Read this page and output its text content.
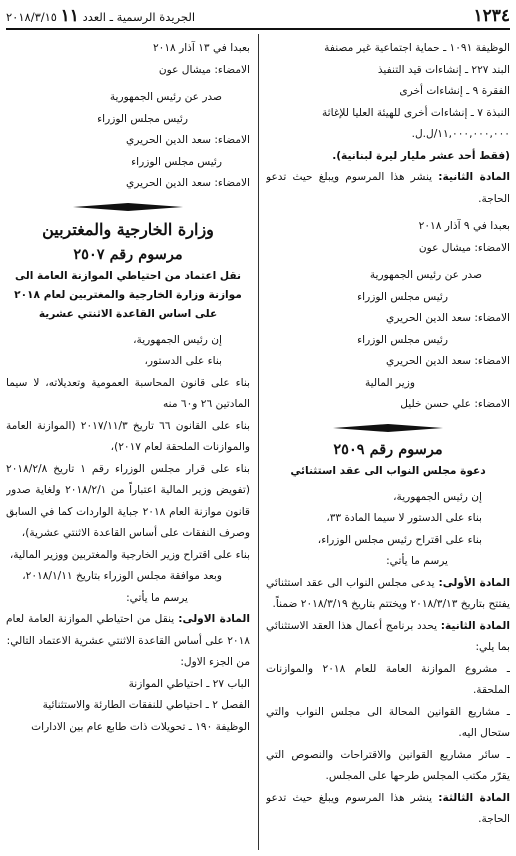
١٢٣٤
الجريدة الرسمية ـ العدد ١١ ٢٠١٨/٣/١٥

الوظيفة ١٠٩١ ـ حماية اجتماعية غير مصنفة

البند ٢٢٧ ـ إنشاءات قيد التنفيذ

الفقرة ٩ ـ إنشاءات أخرى

النبذة ٧ ـ إنشاءات أخرى للهيئة العليا للإغاثة

١١,٠٠٠,٠٠٠,٠٠٠/ل.ل.

(فقط أحد عشر مليار ليرة لبنانية).

المادة الثانية: ينشر هذا المرسوم ويبلغ حيث تدعو الحاجة.

بعبدا في ٩ آذار ٢٠١٨

الامضاء: ميشال عون

صدر عن رئيس الجمهورية

رئيس مجلس الوزراء

الامضاء: سعد الدين الحريري

رئيس مجلس الوزراء

الامضاء: سعد الدين الحريري

وزير المالية

الامضاء: علي حسن خليل

مرسوم رقم ٢٥٠٩

دعوة مجلس النواب الى عقد استثنائي

إن رئيس الجمهورية،

بناء على الدستور لا سيما المادة ٣٣،

بناء على اقتراح رئيس مجلس الوزراء،

يرسم ما يأتي:

المادة الأولى: يدعى مجلس النواب الى عقد استثنائي يفتتح بتاريخ ٢٠١٨/٣/١٣ ويختتم بتاريخ ٢٠١٨/٣/١٩ ضمناً.

المادة الثانية: يحدد برنامج أعمال هذا العقد الاستثنائي بما يلي:

ـ مشروع الموازنة العامة للعام ٢٠١٨ والموازنات الملحقة.

ـ مشاريع القوانين المحالة الى مجلس النواب والتي ستحال اليه.

ـ سائر مشاريع القوانين والاقتراحات والنصوص التي يقرّر مكتب المجلس طرحها على المجلس.

المادة الثالثة: ينشر هذا المرسوم ويبلغ حيث تدعو الحاجة.

بعبدا في ١٣ آذار ٢٠١٨

الامضاء: ميشال عون

صدر عن رئيس الجمهورية

رئيس مجلس الوزراء

الامضاء: سعد الدين الحريري

رئيس مجلس الوزراء

الامضاء: سعد الدين الحريري

وزارة الخارجية والمغتربين

مرسوم رقم ٢٥٠٧

نقل اعتماد من احتياطي الموازنة العامة الى موازنة وزارة الخارجية والمغتربين لعام ٢٠١٨ على اساس القاعدة الاثنتي عشرية

إن رئيس الجمهورية،

بناء على الدستور،

بناء على قانون المحاسبة العمومية وتعديلاته، لا سيما المادتين ٢٦ و٦٠ منه

بناء على القانون ٦٦ تاريخ ٢٠١٧/١١/٣ (الموازنة العامة والموازنات الملحقة لعام ٢٠١٧)،

بناء على قرار مجلس الوزراء رقم ١ تاريخ ٢٠١٨/٢/٨ (تفويض وزير المالية اعتباراً من ٢٠١٨/٢/١ ولغاية صدور قانون موازنة العام ٢٠١٨ جباية الواردات كما في السابق وصرف النفقات على أساس القاعدة الاثنتي عشرية)،

بناء على اقتراح وزير الخارجية والمغتربين ووزير المالية،

وبعد موافقة مجلس الوزراء بتاريخ ٢٠١٨/١/١١،

يرسم ما يأتي:

المادة الاولى: ينقل من احتياطي الموازنة العامة لعام ٢٠١٨ على أساس القاعدة الاثنتي عشرية الاعتماد التالي:

من الجزء الاول:

الباب ٢٧ ـ احتياطي الموازنة

الفصل ٢ ـ احتياطي للنفقات الطارئة والاستثنائية

الوظيفة ١٩٠ ـ تحويلات ذات طابع عام بين الادارات
